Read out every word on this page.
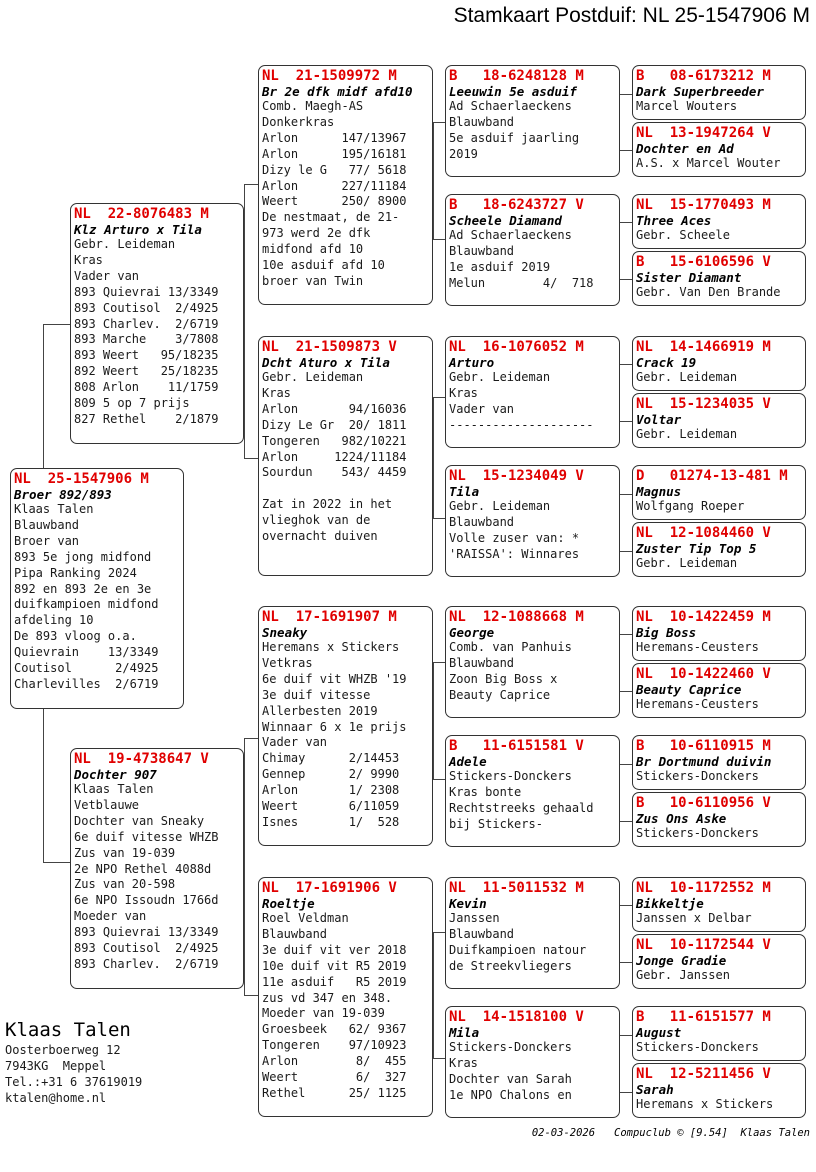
Stamkaart Postduif: NL 25-1547906 M
NL  25-1547906 M
Broer 892/893
Klaas Talen
Blauwband
Broer van
893 5e jong midfond
Pipa Ranking 2024
892 en 893 2e en 3e
duifkampioen midfond
afdeling 10
De 893 vloog o.a.
Quievrain    13/3349
Coutisol      2/4925
Charlevilles  2/6719
NL  22-8076483 M
Klz Arturo x Tila
Gebr. Leideman
Kras
Vader van
893 Quievrai 13/3349
893 Coutisol  2/4925
893 Charlev.  2/6719
893 Marche    3/7808
893 Weert   95/18235
892 Weert   25/18235
808 Arlon    11/1759
809 5 op 7 prijs
827 Rethel    2/1879
NL  19-4738647 V
Dochter 907
Klaas Talen
Vetblauwe
Dochter van Sneaky
6e duif vitesse WHZB
Zus van 19-039
2e NPO Rethel 4088d
Zus van 20-598
6e NPO Issoudn 1766d
Moeder van
893 Quievrai 13/3349
893 Coutisol  2/4925
893 Charlev.  2/6719
NL  21-1509972 M
Br 2e dfk midf afd10
Comb. Maegh-AS
Donkerkras
Arlon      147/13967
Arlon      195/16181
Dizy le G   77/ 5618
Arlon      227/11184
Weert      250/ 8900
De nestmaat, de 21-
973 werd 2e dfk
midfond afd 10
10e asduif afd 10
broer van Twin
NL  21-1509873 V
Dcht Aturo x Tila
Gebr. Leideman
Kras
Arlon       94/16036
Dizy Le Gr  20/ 1811
Tongeren   982/10221
Arlon     1224/11184
Sourdun    543/ 4459

Zat in 2022 in het
vlieghok van de
overnacht duiven
NL  17-1691907 M
Sneaky
Heremans x Stickers
Vetkras
6e duif vit WHZB '19
3e duif vitesse
Allerbesten 2019
Winnaar 6 x 1e prijs
Vader van
Chimay      2/14453
Gennep      2/ 9990
Arlon       1/ 2308
Weert       6/11059
Isnes       1/  528
NL  17-1691906 V
Roeltje
Roel Veldman
Blauwband
3e duif vit ver 2018
10e duif vit R5 2019
11e asduif   R5 2019
zus vd 347 en 348.
Moeder van 19-039
Groesbeek   62/ 9367
Tongeren    97/10923
Arlon        8/  455
Weert        6/  327
Rethel      25/ 1125
B   18-6248128 M
Leeuwin 5e asduif
Ad Schaerlaeckens
Blauwband
5e asduif jaarling
2019
B   18-6243727 V
Scheele Diamand
Ad Schaerlaeckens
Blauwband
1e asduif 2019
Melun        4/  718
NL  16-1076052 M
Arturo
Gebr. Leideman
Kras
Vader van
--------------------
NL  15-1234049 V
Tila
Gebr. Leideman
Blauwband
Volle zuser van: *
'RAISSA': Winnares
NL  12-1088668 M
George
Comb. van Panhuis
Blauwband
Zoon Big Boss x
Beauty Caprice
B   11-6151581 V
Adele
Stickers-Donckers
Kras bonte
Rechtstreeks gehaald
bij Stickers-
NL  11-5011532 M
Kevin
Janssen
Blauwband
Duifkampioen natour
de Streekvliegers
NL  14-1518100 V
Mila
Stickers-Donckers
Kras
Dochter van Sarah
1e NPO Chalons en
B   08-6173212 M
Dark Superbreeder
Marcel Wouters
NL  13-1947264 V
Dochter en Ad
A.S. x Marcel Wouter
NL  15-1770493 M
Three Aces
Gebr. Scheele
B   15-6106596 V
Sister Diamant
Gebr. Van Den Brande
NL  14-1466919 M
Crack 19
Gebr. Leideman
NL  15-1234035 V
Voltar
Gebr. Leideman
D   01274-13-481 M
Magnus
Wolfgang Roeper
NL  12-1084460 V
Zuster Tip Top 5
Gebr. Leideman
NL  10-1422459 M
Big Boss
Heremans-Ceusters
NL  10-1422460 V
Beauty Caprice
Heremans-Ceusters
B   10-6110915 M
Br Dortmund duivin
Stickers-Donckers
B   10-6110956 V
Zus Ons Aske
Stickers-Donckers
NL  10-1172552 M
Bikkeltje
Janssen x Delbar
NL  10-1172544 V
Jonge Gradie
Gebr. Janssen
B   11-6151577 M
August
Stickers-Donckers
NL  12-5211456 V
Sarah
Heremans x Stickers
Klaas Talen
Oosterboerweg 12
7943KG  Meppel
Tel.:+31 6 37619019
ktalen@home.nl
02-03-2026   Compuclub © [9.54]  Klaas Talen
